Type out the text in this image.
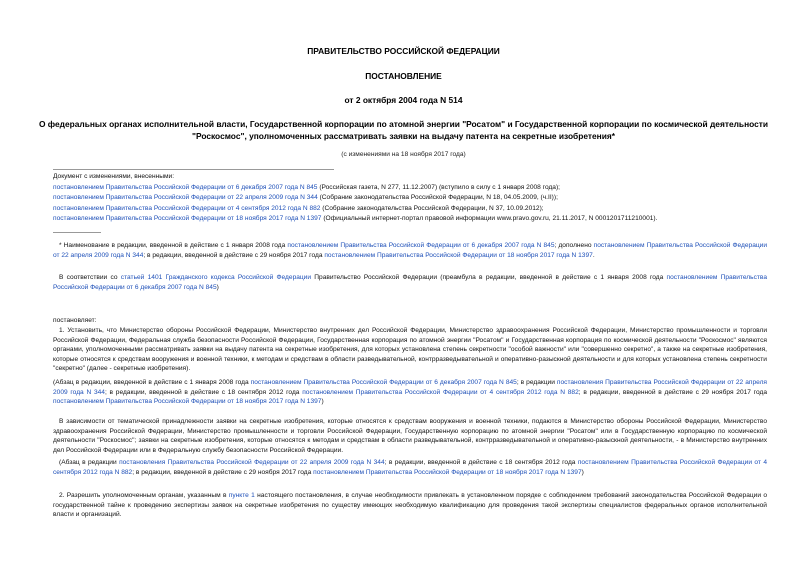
ПРАВИТЕЛЬСТВО РОССИЙСКОЙ ФЕДЕРАЦИИ
ПОСТАНОВЛЕНИЕ
от 2 октября 2004 года N 514
О федеральных органах исполнительной власти, Государственной корпорации по атомной энергии "Росатом" и Государственной корпорации по космической деятельности "Роскосмос", уполномоченных рассматривать заявки на выдачу патента на секретные изобретения*
(с изменениями на 18 ноября 2017 года)
Документ с изменениями, внесенными:
постановлением Правительства Российской Федерации от 6 декабря 2007 года N 845 (Российская газета, N 277, 11.12.2007) (вступило в силу с 1 января 2008 года);
постановлением Правительства Российской Федерации от 22 апреля 2009 года N 344 (Собрание законодательства Российской Федерации, N 18, 04.05.2009, (ч.II));
постановлением Правительства Российской Федерации от 4 сентября 2012 года N 882 (Собрание законодательства Российской Федерации, N 37, 10.09.2012);
постановлением Правительства Российской Федерации от 18 ноября 2017 года N 1397 (Официальный интернет-портал правовой информации www.pravo.gov.ru, 21.11.2017, N 0001201711210001).
* Наименование в редакции, введенной в действие с 1 января 2008 года постановлением Правительства Российской Федерации от 6 декабря 2007 года N 845; дополнено постановлением Правительства Российской Федерации от 22 апреля 2009 года N 344; в редакции, введенной в действие с 29 ноября 2017 года постановлением Правительства Российской Федерации от 18 ноября 2017 года N 1397.
В соответствии со статьей 1401 Гражданского кодекса Российской Федерации Правительство Российской Федерации (преамбула в редакции, введенной в действие с 1 января 2008 года постановлением Правительства Российской Федерации от 6 декабря 2007 года N 845)
постановляет:
1. Установить, что Министерство обороны Российской Федерации, Министерство внутренних дел Российской Федерации, Министерство здравоохранения Российской Федерации, Министерство промышленности и торговли Российской Федерации, Федеральная служба безопасности Российской Федерации, Государственная корпорация по атомной энергии "Росатом" и Государственная корпорация по космической деятельности "Роскосмос" являются органами, уполномоченными рассматривать заявки на выдачу патента на секретные изобретения, для которых установлена степень секретности "особой важности" или "совершенно секретно", а также на секретные изобретения, которые относятся к средствам вооружения и военной техники, к методам и средствам в области разведывательной, контрразведывательной и оперативно-разыскной деятельности и для которых установлена степень секретности "секретно" (далее - секретные изобретения).
(Абзац в редакции, введенной в действие с 1 января 2008 года постановлением Правительства Российской Федерации от 6 декабря 2007 года N 845; в редакции постановления Правительства Российской Федерации от 22 апреля 2009 года N 344; в редакции, введенной в действие с 18 сентября 2012 года постановлением Правительства Российской Федерации от 4 сентября 2012 года N 882; в редакции, введенной в действие с 29 ноября 2017 года постановлением Правительства Российской Федерации от 18 ноября 2017 года N 1397)
В зависимости от тематической принадлежности заявки на секретные изобретения, которые относятся к средствам вооружения и военной техники, подаются в Министерство обороны Российской Федерации, Министерство здравоохранения Российской Федерации, Министерство промышленности и торговли Российской Федерации, Государственную корпорацию по атомной энергии "Росатом" или в Государственную корпорацию по космической деятельности "Роскосмос"; заявки на секретные изобретения, которые относятся к методам и средствам в области разведывательной, контрразведывательной и оперативно-разыскной деятельности, - в Министерство внутренних дел Российской Федерации или в Федеральную службу безопасности Российской Федерации.
(Абзац в редакции постановления Правительства Российской Федерации от 22 апреля 2009 года N 344; в редакции, введенной в действие с 18 сентября 2012 года постановлением Правительства Российской Федерации от 4 сентября 2012 года N 882; в редакции, введенной в действие с 29 ноября 2017 года постановлением Правительства Российской Федерации от 18 ноября 2017 года N 1397)
2. Разрешить уполномоченным органам, указанным в пункте 1 настоящего постановления, в случае необходимости привлекать в установленном порядке с соблюдением требований законодательства Российской Федерации о государственной тайне к проведению экспертизы заявок на секретные изобретения по существу имеющих необходимую квалификацию для проведения такой экспертизы специалистов федеральных органов исполнительной власти и организаций.
